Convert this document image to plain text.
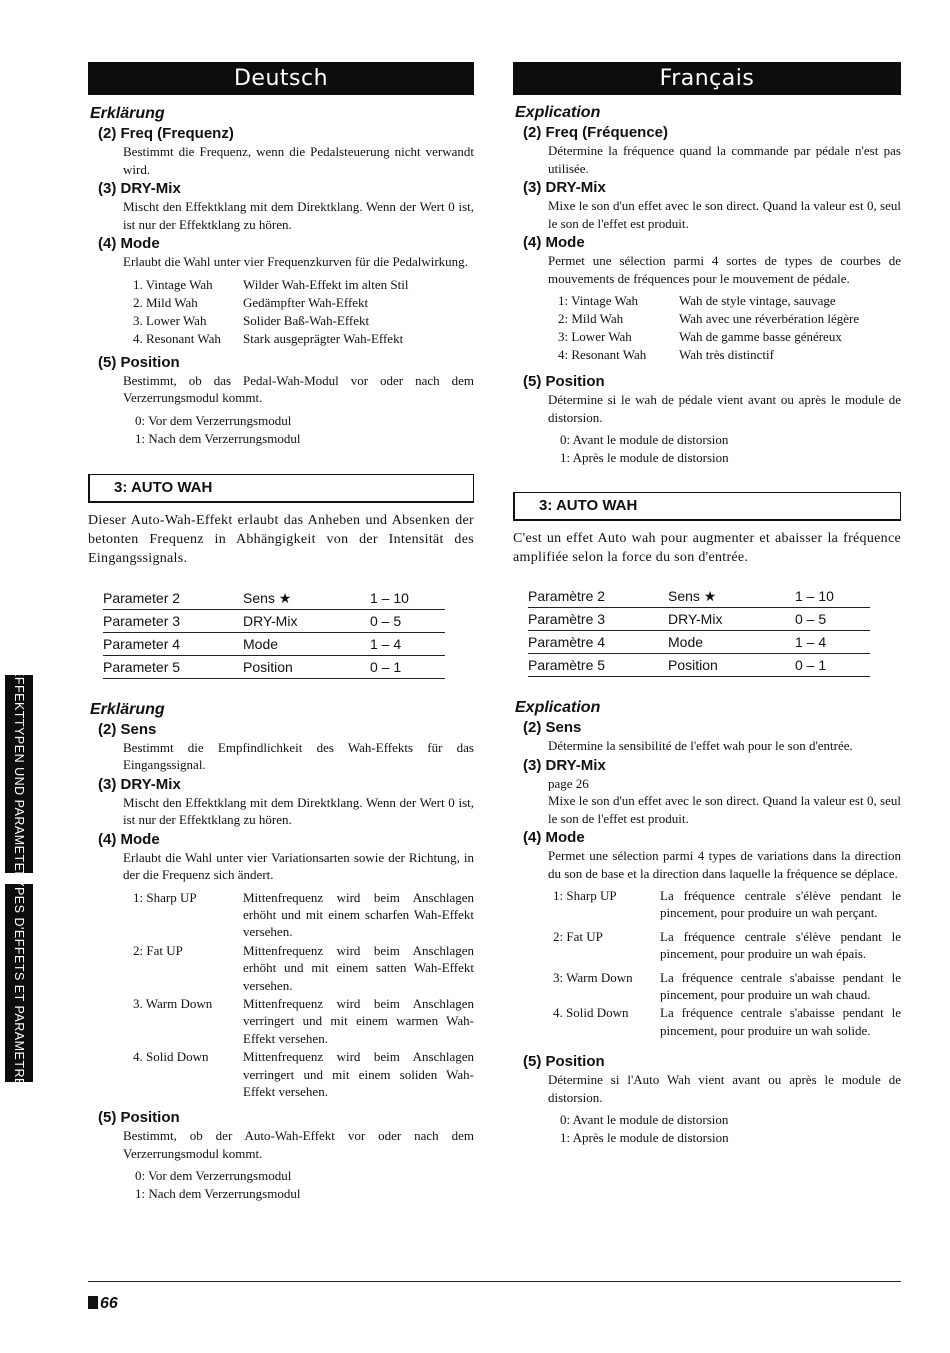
EFFEKTTYPEN UND PARAMETER
TYPES D'EFFETS ET PARAMETRES
Deutsch
Erklärung
(2) Freq (Frequenz)
Bestimmt die Frequenz, wenn die Pedalsteuerung nicht verwandt wird.
(3) DRY-Mix
Mischt den Effektklang mit dem Direktklang. Wenn der Wert 0 ist, ist nur der Effektklang zu hören.
(4) Mode
Erlaubt die Wahl unter vier Frequenzkurven für die Pedalwirkung.
1. Vintage Wah	Wilder Wah-Effekt im alten Stil
2. Mild Wah	Gedämpfter Wah-Effekt
3. Lower Wah	Solider Baß-Wah-Effekt
4. Resonant Wah	Stark ausgeprägter Wah-Effekt
(5) Position
Bestimmt, ob das Pedal-Wah-Modul vor oder nach dem Verzerrungsmodul kommt.
0: Vor dem Verzerrungsmodul
1: Nach dem Verzerrungsmodul
3: AUTO WAH
Dieser Auto-Wah-Effekt erlaubt das Anheben und Absenken der betonten Frequenz in Abhängigkeit von der Intensität des Eingangssignals.
Parameter 2	Sens ★	1 – 10
Parameter 3	DRY-Mix	0 – 5
Parameter 4	Mode	1 – 4
Parameter 5	Position	0 – 1
Erklärung
(2) Sens
Bestimmt die Empfindlichkeit des Wah-Effekts für das Eingangssignal.
(3) DRY-Mix
Mischt den Effektklang mit dem Direktklang. Wenn der Wert 0 ist, ist nur der Effektklang zu hören.
(4) Mode
Erlaubt die Wahl unter vier Variationsarten sowie der Richtung, in der die Frequenz sich ändert.
1: Sharp UP	Mittenfrequenz wird beim Anschlagen erhöht und mit einem scharfen Wah-Effekt versehen.
2: Fat UP	Mittenfrequenz wird beim Anschlagen erhöht und mit einem satten Wah-Effekt versehen.
3. Warm Down	Mittenfrequenz wird beim Anschlagen verringert und mit einem warmen Wah-Effekt versehen.
4. Solid Down	Mittenfrequenz wird beim Anschlagen verringert und mit einem soliden Wah-Effekt versehen.
(5) Position
Bestimmt, ob der Auto-Wah-Effekt vor oder nach dem Verzerrungsmodul kommt.
0: Vor dem Verzerrungsmodul
1: Nach dem Verzerrungsmodul
Français
Explication
(2) Freq (Fréquence)
Détermine la fréquence quand la commande par pédale n'est pas utilisée.
(3) DRY-Mix
Mixe le son d'un effet avec le son direct. Quand la valeur est 0, seul le son de l'effet est produit.
(4) Mode
Permet une sélection parmi 4 sortes de types de courbes de mouvements de fréquences pour le mouvement de pédale.
1: Vintage Wah	Wah de style vintage, sauvage
2: Mild Wah	Wah avec une réverbération légère
3: Lower Wah	Wah de gamme basse généreux
4: Resonant Wah	Wah très distinctif
(5) Position
Détermine si le wah de pédale vient avant ou après le module de distorsion.
0: Avant le module de distorsion
1: Après le module de distorsion
3: AUTO WAH
C'est un effet Auto wah pour augmenter et abaisser la fréquence amplifiée selon la force du son d'entrée.
Paramètre 2	Sens ★	1 – 10
Paramètre 3	DRY-Mix	0 – 5
Paramètre 4	Mode	1 – 4
Paramètre 5	Position	0 – 1
Explication
(2) Sens
Détermine la sensibilité de l'effet wah pour le son d'entrée.
(3) DRY-Mix
page 26
Mixe le son d'un effet avec le son direct. Quand la valeur est 0, seul le son de l'effet est produit.
(4) Mode
Permet une sélection parmi 4 types de variations dans la direction du son de base et la direction dans laquelle la fréquence se déplace.
1: Sharp UP	La fréquence centrale s'élève pendant le pincement, pour produire un wah perçant.
2: Fat UP	La fréquence centrale s'élève pendant le pincement, pour produire un wah épais.
3: Warm Down	La fréquence centrale s'abaisse pendant le pincement, pour produire un wah chaud.
4. Solid Down	La fréquence centrale s'abaisse pendant le pincement, pour produire un wah solide.
(5) Position
Détermine si l'Auto Wah vient avant ou après le module de distorsion.
0: Avant le module de distorsion
1: Après le module de distorsion
66
